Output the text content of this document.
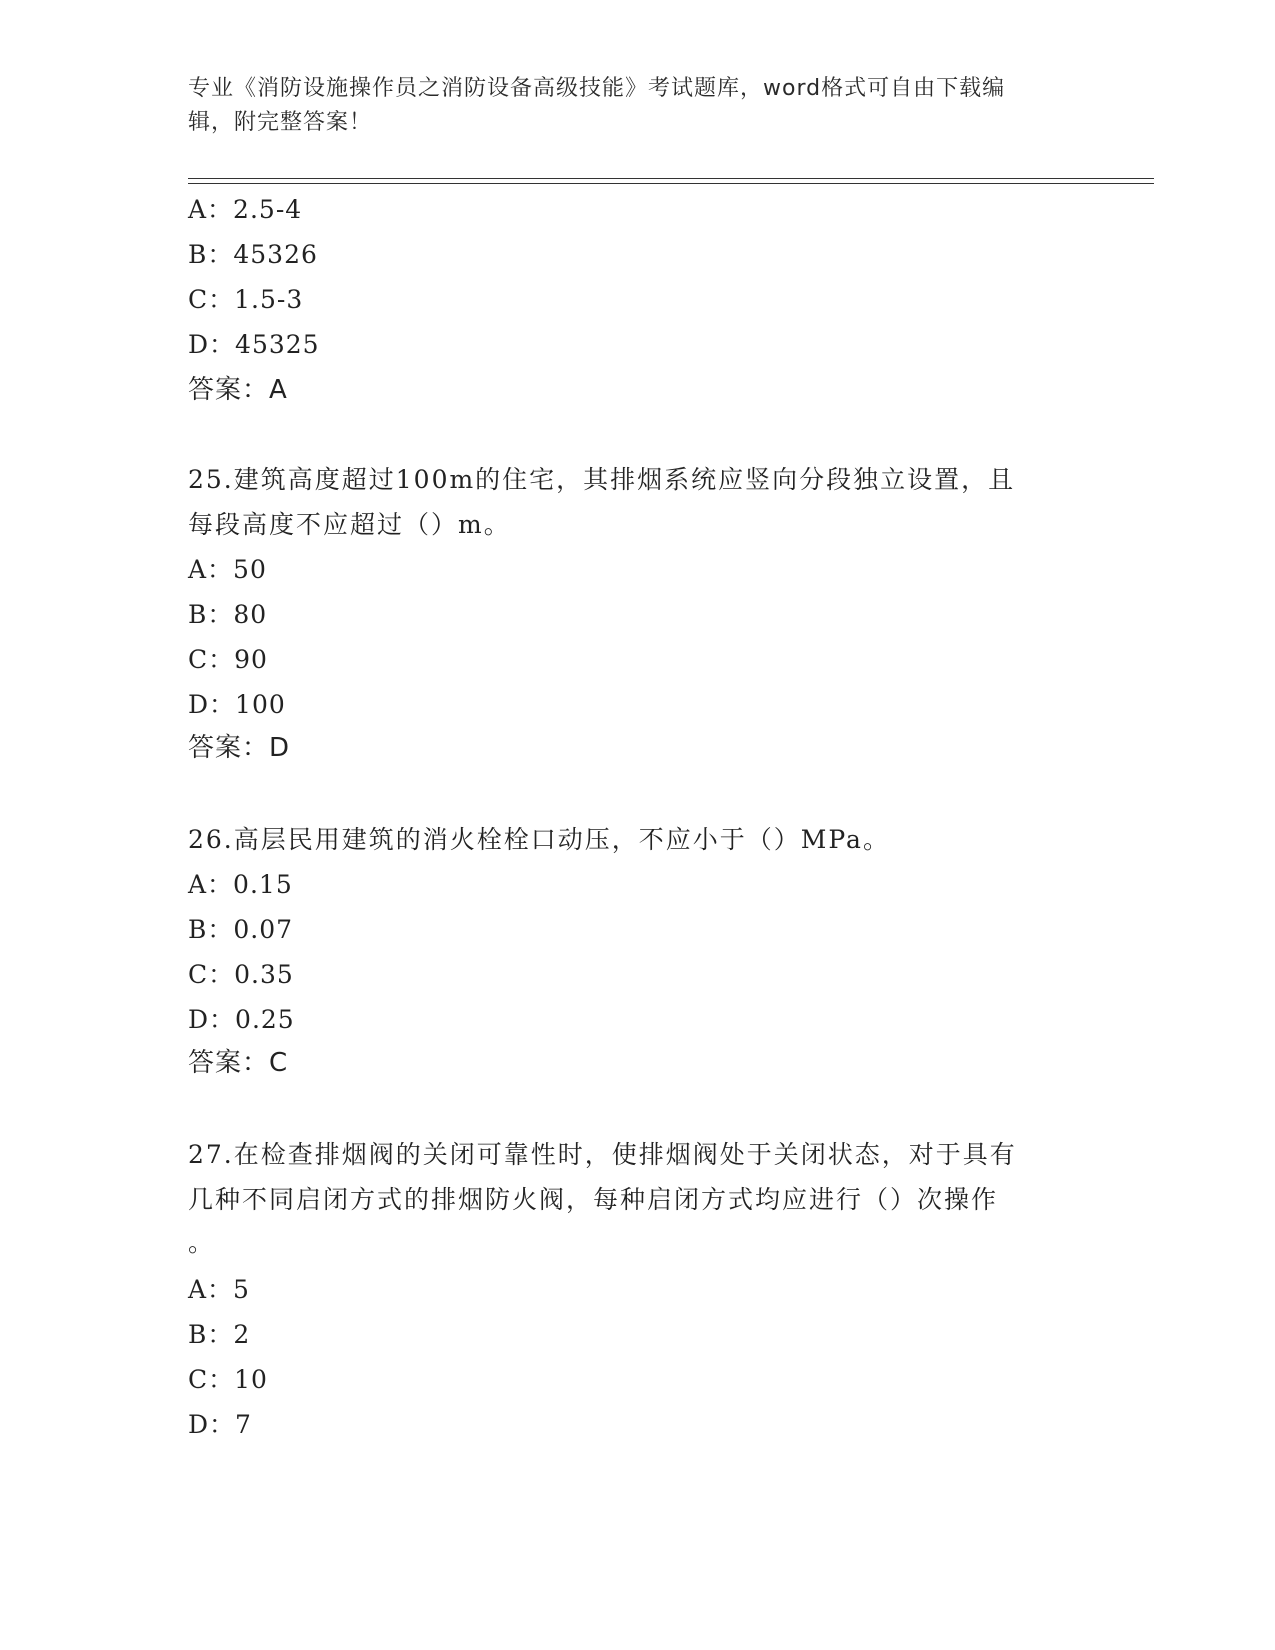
专业《消防设施操作员之消防设备高级技能》考试题库，word格式可自由下载编
辑，附完整答案！
A：2.5-4
B：45326
C：1.5-3
D：45325
答案：A
25.建筑高度超过100m的住宅，其排烟系统应竖向分段独立设置，且
每段高度不应超过（）m。
A：50
B：80
C：90
D：100
答案：D
26.高层民用建筑的消火栓栓口动压，不应小于（）MPa。
A：0.15
B：0.07
C：0.35
D：0.25
答案：C
27.在检查排烟阀的关闭可靠性时，使排烟阀处于关闭状态，对于具有
几种不同启闭方式的排烟防火阀，每种启闭方式均应进行（）次操作
。
A：5
B：2
C：10
D：7
